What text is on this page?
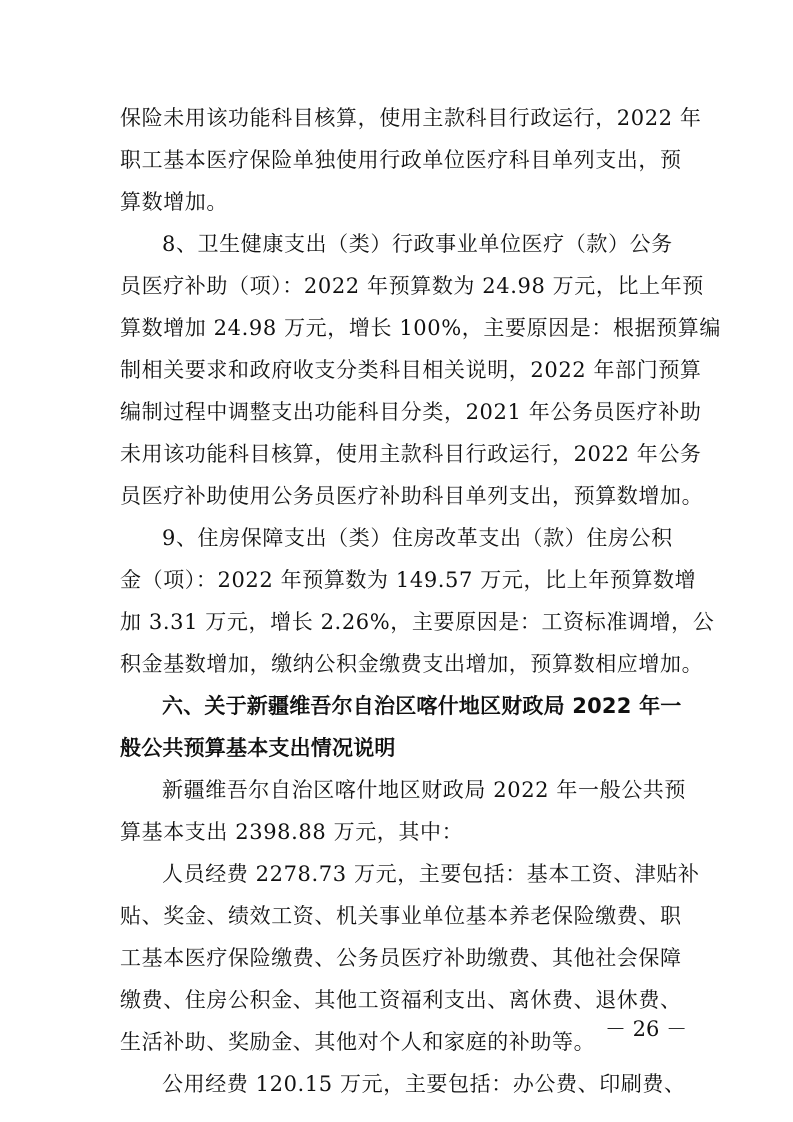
保险未用该功能科目核算，使用主款科目行政运行，2022 年
职工基本医疗保险单独使用行政单位医疗科目单列支出，预
算数增加。
8、卫生健康支出（类）行政事业单位医疗（款）公务
员医疗补助（项）：2022 年预算数为 24.98 万元，比上年预
算数增加 24.98 万元，增长 100%，主要原因是：根据预算编
制相关要求和政府收支分类科目相关说明，2022 年部门预算
编制过程中调整支出功能科目分类，2021 年公务员医疗补助
未用该功能科目核算，使用主款科目行政运行，2022 年公务
员医疗补助使用公务员医疗补助科目单列支出，预算数增加。
9、住房保障支出（类）住房改革支出（款）住房公积
金（项）：2022 年预算数为 149.57 万元，比上年预算数增
加 3.31 万元，增长 2.26%，主要原因是：工资标准调增，公
积金基数增加，缴纳公积金缴费支出增加，预算数相应增加。
六、关于新疆维吾尔自治区喀什地区财政局 2022 年一
般公共预算基本支出情况说明
新疆维吾尔自治区喀什地区财政局 2022 年一般公共预
算基本支出 2398.88 万元，其中：
人员经费 2278.73 万元，主要包括：基本工资、津贴补
贴、奖金、绩效工资、机关事业单位基本养老保险缴费、职
工基本医疗保险缴费、公务员医疗补助缴费、其他社会保障
缴费、住房公积金、其他工资福利支出、离休费、退休费、
生活补助、奖励金、其他对个人和家庭的补助等。
公用经费 120.15 万元，主要包括：办公费、印刷费、
－ 26 －
